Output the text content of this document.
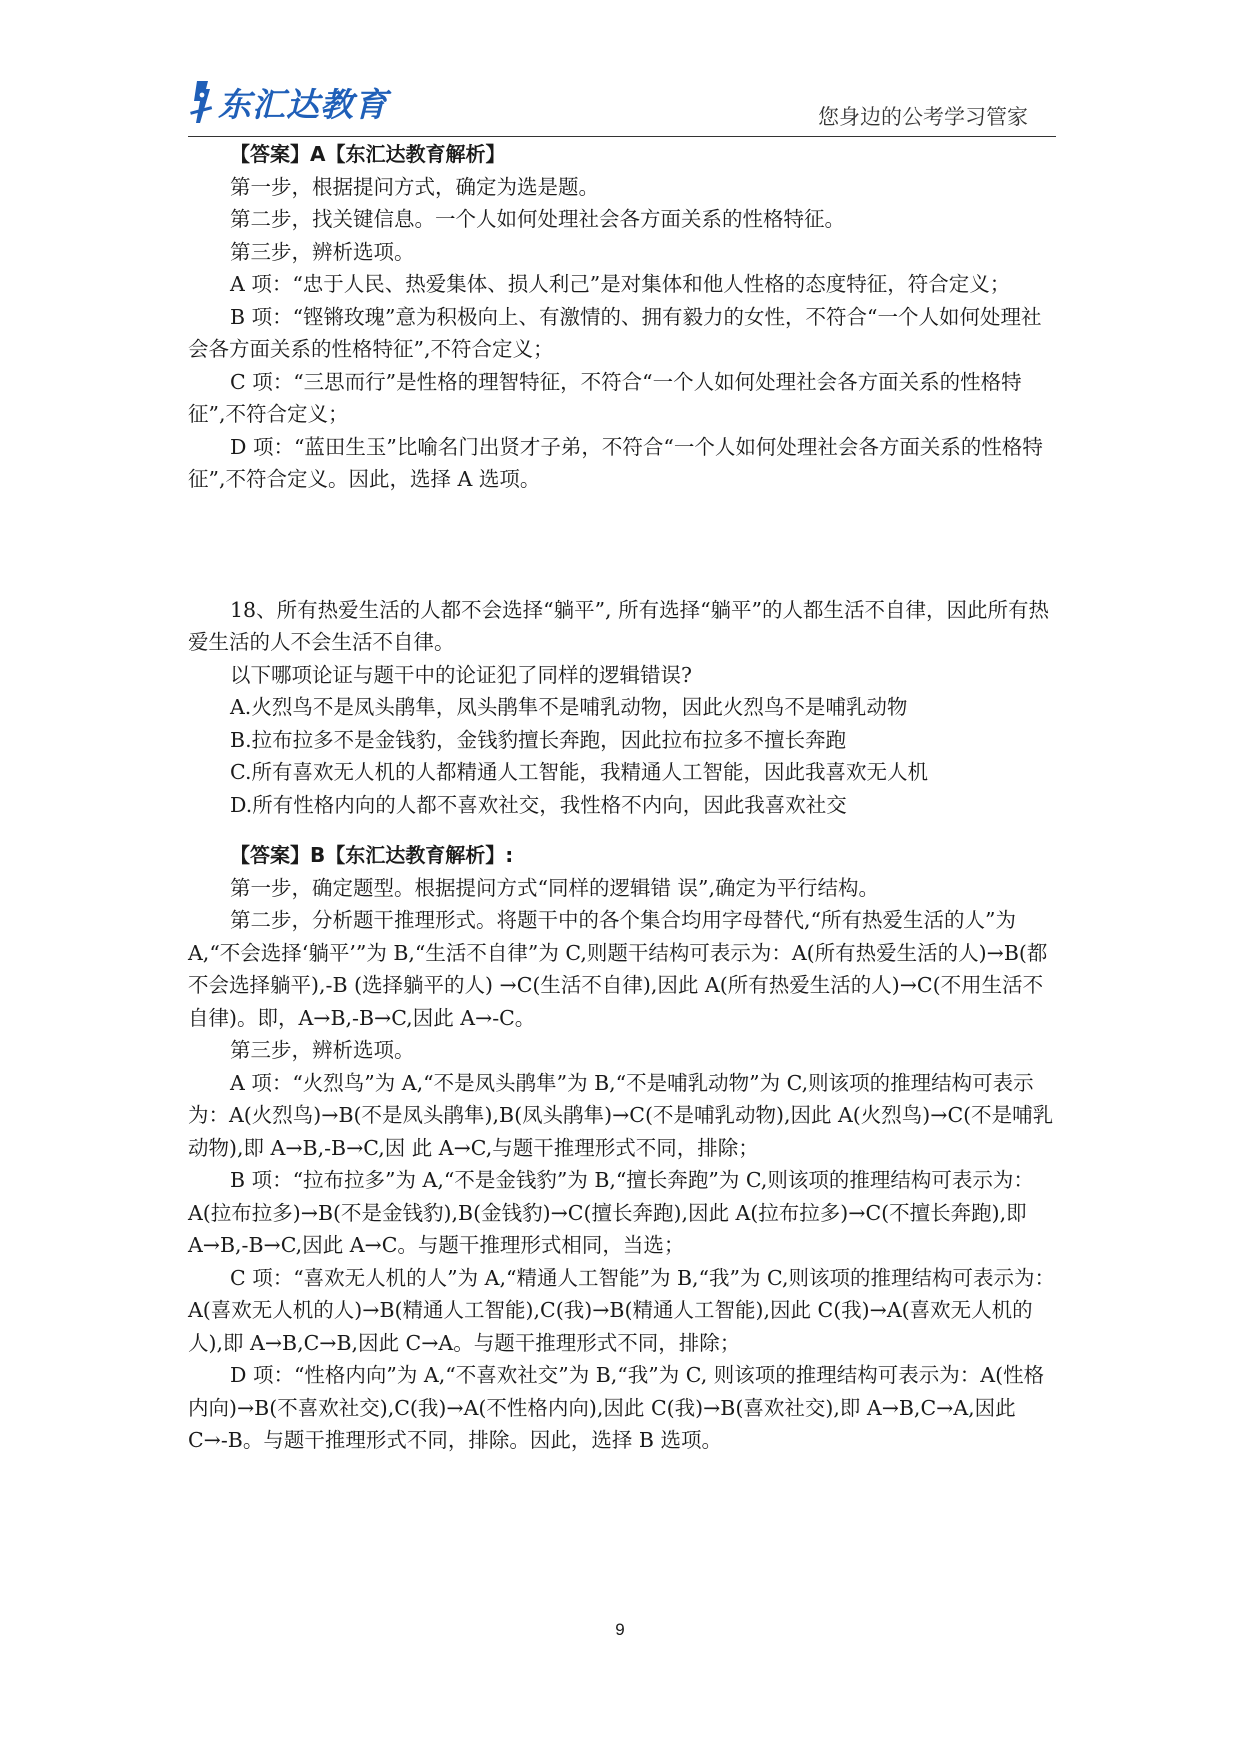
东汇达教育	您身边的公考学习管家

【答案】A【东汇达教育解析】

第一步，根据提问方式，确定为选是题。

第二步，找关键信息。一个人如何处理社会各方面关系的性格特征。

第三步，辨析选项。

A 项：“忠于人民、热爱集体、损人利己”是对集体和他人性格的态度特征，符合定义；

B 项：“铿锵玫瑰”意为积极向上、有激情的、拥有毅力的女性，不符合“一个人如何处理社会各方面关系的性格特征”,不符合定义；

C 项：“三思而行”是性格的理智特征，不符合“一个人如何处理社会各方面关系的性格特征”,不符合定义；

D 项：“蓝田生玉”比喻名门出贤才子弟，不符合“一个人如何处理社会各方面关系的性格特征”,不符合定义。因此，选择 A 选项。

18、所有热爱生活的人都不会选择“躺平”, 所有选择“躺平”的人都生活不自律，因此所有热爱生活的人不会生活不自律。

以下哪项论证与题干中的论证犯了同样的逻辑错误?

A.火烈鸟不是凤头鹃隼，凤头鹃隼不是哺乳动物，因此火烈鸟不是哺乳动物

B.拉布拉多不是金钱豹，金钱豹擅长奔跑，因此拉布拉多不擅长奔跑

C.所有喜欢无人机的人都精通人工智能，我精通人工智能，因此我喜欢无人机

D.所有性格内向的人都不喜欢社交，我性格不内向，因此我喜欢社交

【答案】B【东汇达教育解析】:

第一步，确定题型。根据提问方式“同样的逻辑错 误”,确定为平行结构。

第二步，分析题干推理形式。将题干中的各个集合均用字母替代,“所有热爱生活的人”为 A,“不会选择‘躺平’”为 B,“生活不自律”为 C,则题干结构可表示为：A(所有热爱生活的人)→B(都不会选择躺平),-B (选择躺平的人) →C(生活不自律),因此 A(所有热爱生活的人)→C(不用生活不自律)。即，A→B,-B→C,因此 A→-C。

第三步，辨析选项。

A 项：“火烈鸟”为 A,“不是凤头鹃隼”为 B,“不是哺乳动物”为 C,则该项的推理结构可表示为：A(火烈鸟)→B(不是凤头鹃隼),B(凤头鹃隼)→C(不是哺乳动物),因此 A(火烈鸟)→C(不是哺乳动物),即 A→B,-B→C,因 此 A→C,与题干推理形式不同，排除；

B 项：“拉布拉多”为 A,“不是金钱豹”为 B,“擅长奔跑”为 C,则该项的推理结构可表示为：A(拉布拉多)→B(不是金钱豹),B(金钱豹)→C(擅长奔跑),因此 A(拉布拉多)→C(不擅长奔跑),即 A→B,-B→C,因此 A→C。与题干推理形式相同，当选；

C 项：“喜欢无人机的人”为 A,“精通人工智能”为 B,“我”为 C,则该项的推理结构可表示为：A(喜欢无人机的人)→B(精通人工智能),C(我)→B(精通人工智能),因此 C(我)→A(喜欢无人机的人),即 A→B,C→B,因此 C→A。与题干推理形式不同，排除；

D 项：“性格内向”为 A,“不喜欢社交”为 B,“我”为 C, 则该项的推理结构可表示为：A(性格内向)→B(不喜欢社交),C(我)→A(不性格内向),因此 C(我)→B(喜欢社交),即 A→B,C→A,因此 C→-B。与题干推理形式不同，排除。因此，选择 B 选项。

9
